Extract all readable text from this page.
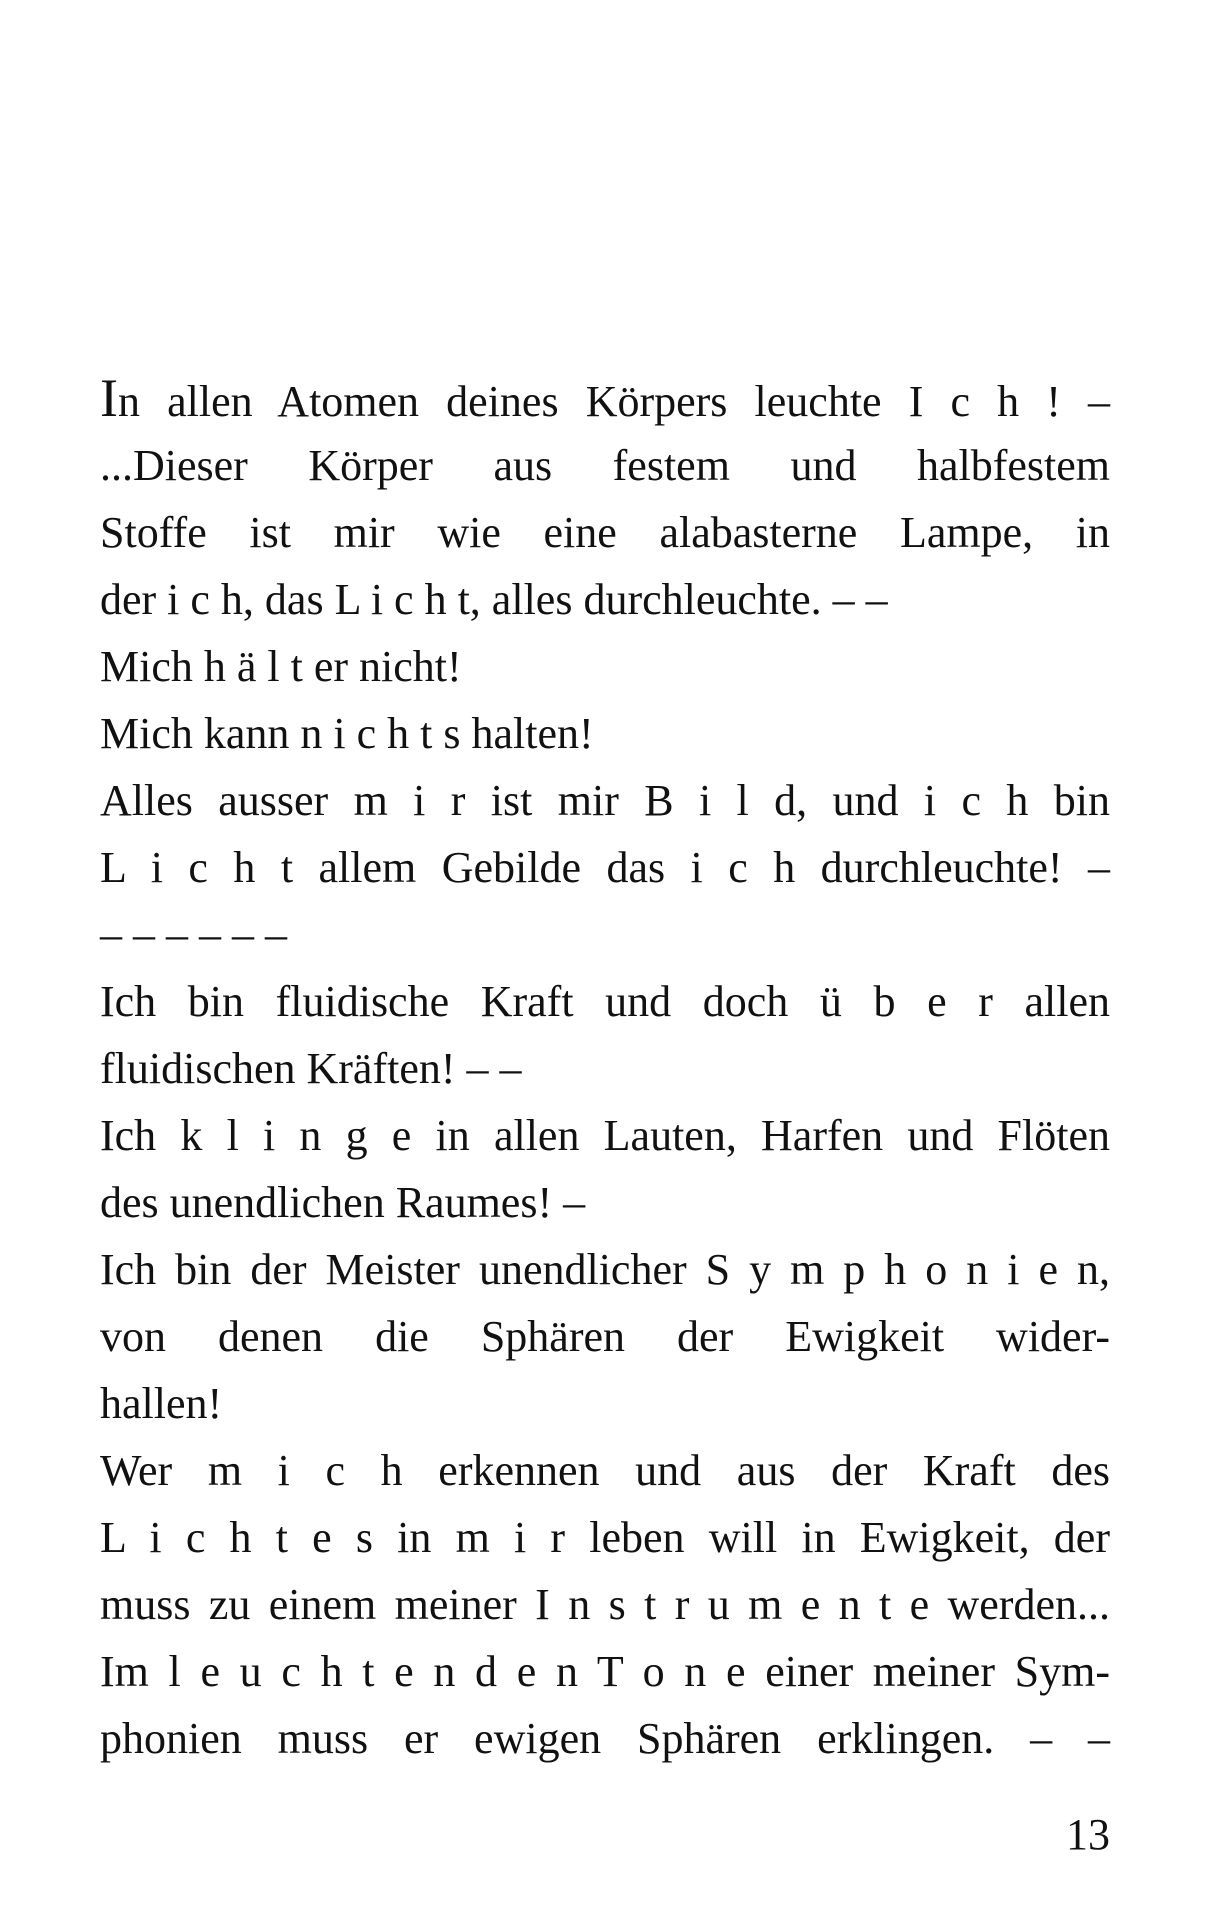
In allen Atomen deines Körpers leuchte I c h ! –
...Dieser Körper aus festem und halbfestem
Stoffe ist mir wie eine alabasterne Lampe, in
der i c h, das L i c h t, alles durchleuchte. – –
Mich h ä l t er nicht!
Mich kann n i c h t s halten!
Alles ausser m i r ist mir B i l d, und i c h bin
L i c h t allem Gebilde das i c h durchleuchte! –
– – – – – –
Ich bin fluidische Kraft und doch ü b e r allen
fluidischen Kräften! – –
Ich k l i n g e in allen Lauten, Harfen und Flöten
des unendlichen Raumes! –
Ich bin der Meister unendlicher S y m p h o n i e n,
von denen die Sphären der Ewigkeit wider-
hallen!
Wer m i c h erkennen und aus der Kraft des
L i c h t e s in m i r leben will in Ewigkeit, der
muss zu einem meiner I n s t r u m e n t e werden...
Im l e u c h t e n d e n T o n e einer meiner Sym-
phonien muss er ewigen Sphären erklingen. – –
13
